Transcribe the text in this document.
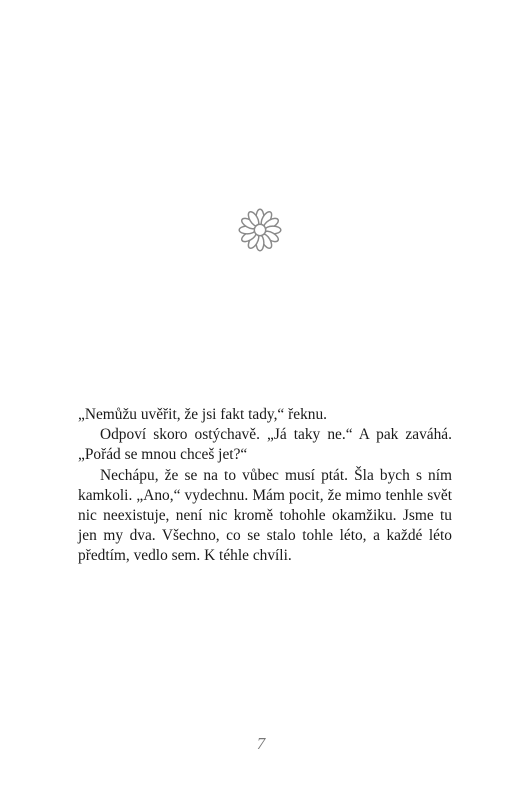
„Nemůžu uvěřit, že jsi fakt tady,“ řeknu.

Odpoví skoro ostýchavě. „Já taky ne.“ A pak zaváhá. „Pořád se mnou chceš jet?“

Nechápu, že se na to vůbec musí ptát. Šla bych s ním kamkoli. „Ano,“ vydechnu. Mám pocit, že mimo tenhle svět nic neexistuje, není nic kromě tohohle okamžiku. Jsme tu jen my dva. Všechno, co se stalo tohle léto, a každé léto předtím, vedlo sem. K téhle chvíli.

7
